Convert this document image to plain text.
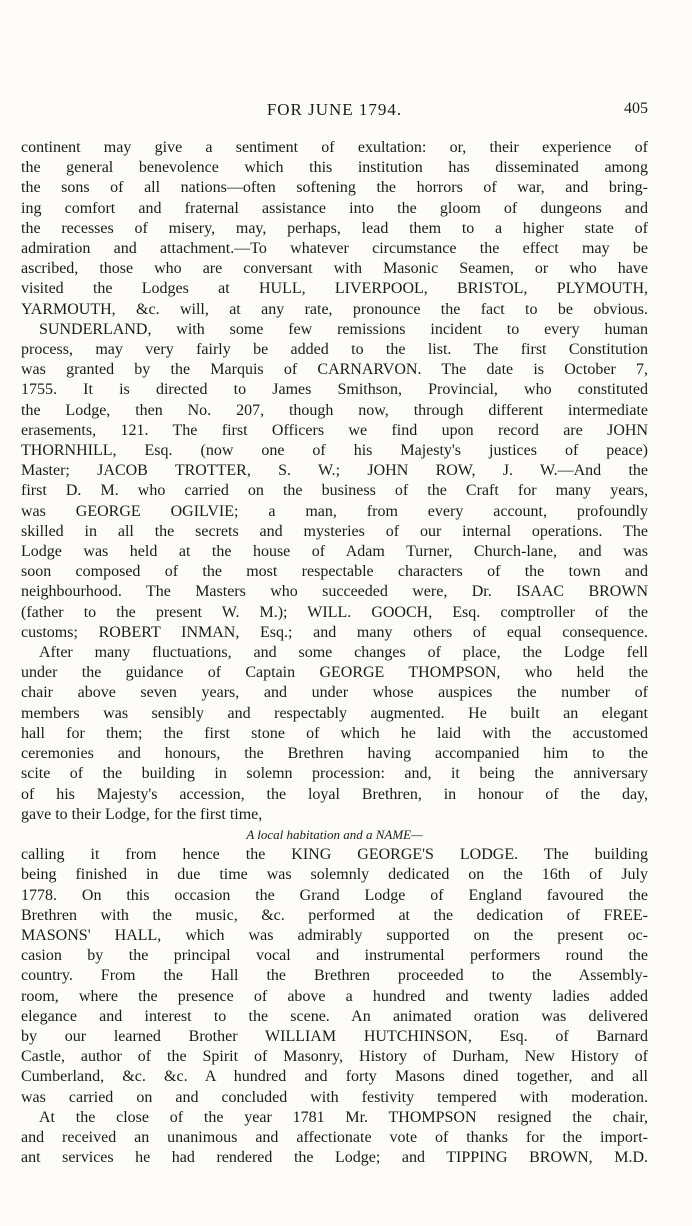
FOR JUNE 1794.	405
continent may give a sentiment of exultation: or, their experience of
the general benevolence which this institution has disseminated among
the sons of all nations—often softening the horrors of war, and bring-
ing comfort and fraternal assistance into the gloom of dungeons and
the recesses of misery, may, perhaps, lead them to a higher state of
admiration and attachment.—To whatever circumstance the effect may be
ascribed, those who are conversant with Masonic Seamen, or who have
visited the Lodges at HULL, LIVERPOOL, BRISTOL, PLYMOUTH,
YARMOUTH, &c. will, at any rate, pronounce the fact to be obvious.
SUNDERLAND, with some few remissions incident to every human
process, may very fairly be added to the list. The first Constitution
was granted by the Marquis of CARNARVON. The date is October 7,
1755. It is directed to James Smithson, Provincial, who constituted
the Lodge, then No. 207, though now, through different intermediate
erasements, 121. The first Officers we find upon record are JOHN
THORNHILL, Esq. (now one of his Majesty's justices of peace)
Master; JACOB TROTTER, S. W.; JOHN ROW, J. W.—And the
first D. M. who carried on the business of the Craft for many years,
was GEORGE OGILVIE; a man, from every account, profoundly
skilled in all the secrets and mysteries of our internal operations. The
Lodge was held at the house of Adam Turner, Church-lane, and was
soon composed of the most respectable characters of the town and
neighbourhood. The Masters who succeeded were, Dr. ISAAC BROWN
(father to the present W. M.); WILL. GOOCH, Esq. comptroller of the
customs; ROBERT INMAN, Esq.; and many others of equal consequence.
After many fluctuations, and some changes of place, the Lodge fell
under the guidance of Captain GEORGE THOMPSON, who held the
chair above seven years, and under whose auspices the number of
members was sensibly and respectably augmented. He built an elegant
hall for them; the first stone of which he laid with the accustomed
ceremonies and honours, the Brethren having accompanied him to the
scite of the building in solemn procession: and, it being the anniversary
of his Majesty's accession, the loyal Brethren, in honour of the day,
gave to their Lodge, for the first time,
A local habitation and a NAME—
calling it from hence the KING GEORGE'S LODGE. The building
being finished in due time was solemnly dedicated on the 16th of July
1778. On this occasion the Grand Lodge of England favoured the
Brethren with the music, &c. performed at the dedication of FREE-
MASONS' HALL, which was admirably supported on the present oc-
casion by the principal vocal and instrumental performers round the
country. From the Hall the Brethren proceeded to the Assembly-
room, where the presence of above a hundred and twenty ladies added
elegance and interest to the scene. An animated oration was delivered
by our learned Brother WILLIAM HUTCHINSON, Esq. of Barnard
Castle, author of the Spirit of Masonry, History of Durham, New History of
Cumberland, &c. &c. A hundred and forty Masons dined together, and all
was carried on and concluded with festivity tempered with moderation.
At the close of the year 1781 Mr. THOMPSON resigned the chair,
and received an unanimous and affectionate vote of thanks for the import-
ant services he had rendered the Lodge; and TIPPING BROWN, M.D.
